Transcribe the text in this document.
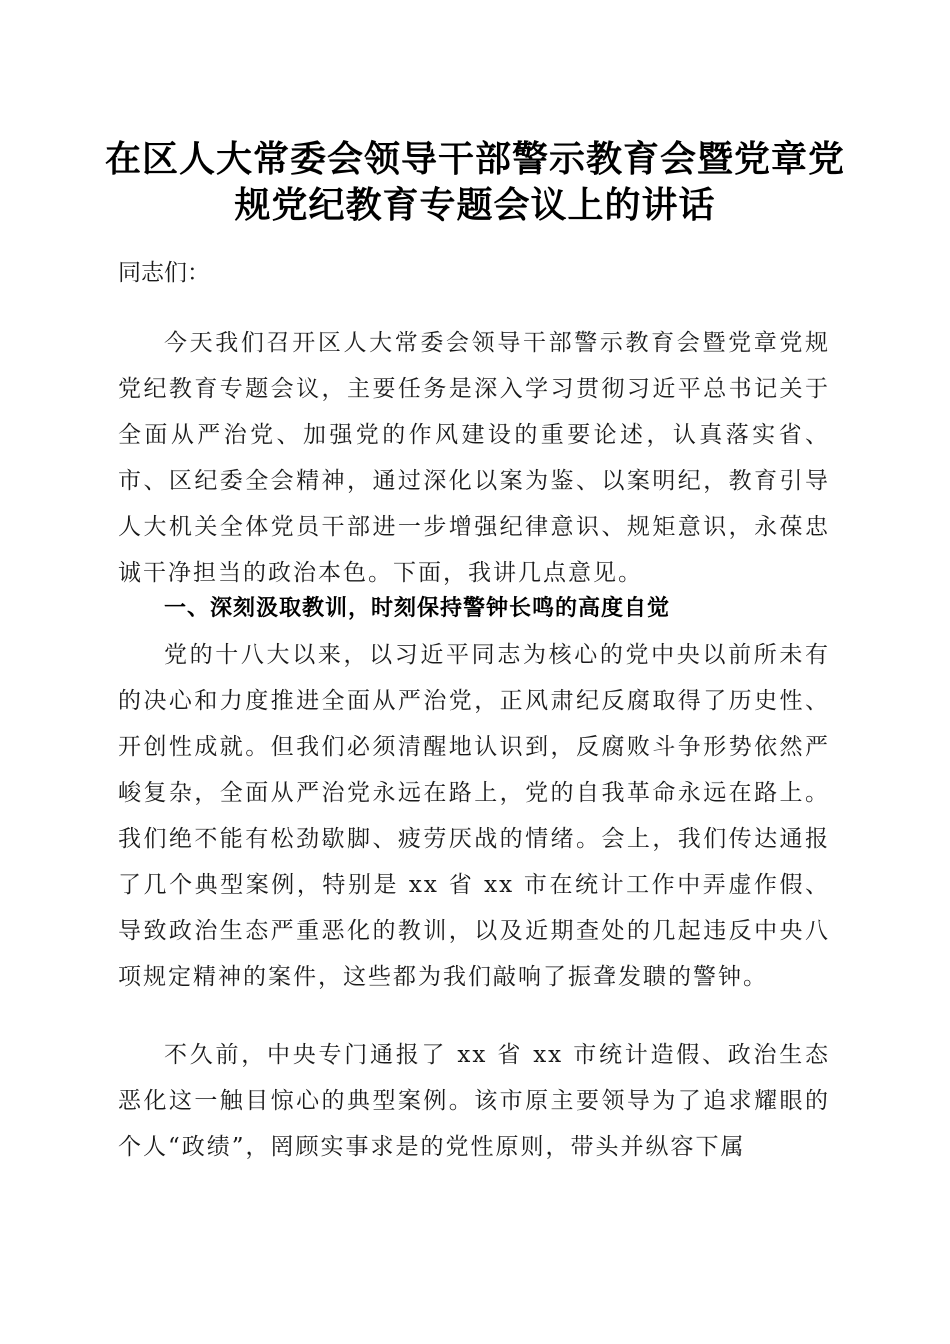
在区人大常委会领导干部警示教育会暨党章党
规党纪教育专题会议上的讲话
同志们：
今天我们召开区人大常委会领导干部警示教育会暨党章党规党纪教育专题会议，主要任务是深入学习贯彻习近平总书记关于全面从严治党、加强党的作风建设的重要论述，认真落实省、市、区纪委全会精神，通过深化以案为鉴、以案明纪，教育引导人大机关全体党员干部进一步增强纪律意识、规矩意识，永葆忠诚干净担当的政治本色。下面，我讲几点意见。
一、深刻汲取教训，时刻保持警钟长鸣的高度自觉
党的十八大以来，以习近平同志为核心的党中央以前所未有的决心和力度推进全面从严治党，正风肃纪反腐取得了历史性、开创性成就。但我们必须清醒地认识到，反腐败斗争形势依然严峻复杂，全面从严治党永远在路上，党的自我革命永远在路上。我们绝不能有松劲歇脚、疲劳厌战的情绪。会上，我们传达通报了几个典型案例，特别是 xx 省 xx 市在统计工作中弄虚作假、导致政治生态严重恶化的教训，以及近期查处的几起违反中央八项规定精神的案件，这些都为我们敲响了振聋发聩的警钟。
不久前，中央专门通报了 xx 省 xx 市统计造假、政治生态恶化这一触目惊心的典型案例。该市原主要领导为了追求耀眼的个人“政绩”，罔顾实事求是的党性原则，带头并纵容下属
